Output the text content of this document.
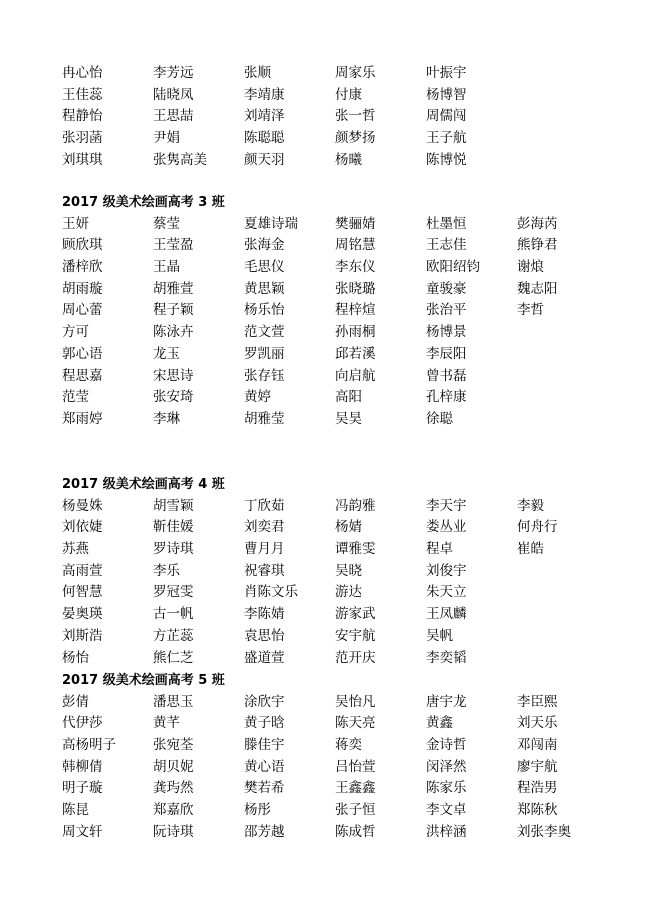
冉心怡	李芳远	张顺	周家乐	叶振宇
王佳蕊	陆晓凤	李靖康	付康	杨博智
程静怡	王思喆	刘靖泽	张一哲	周儒闯
张羽菡	尹娟	陈聪聪	颜梦扬	王子航
刘琪琪	张隽高美	颜天羽	杨曦	陈博悦
2017 级美术绘画高考 3 班
王妍	蔡莹	夏雄诗瑞	樊骊婧	杜墨恒	彭海芮
顾欣琪	王莹盈	张海金	周铭慧	王志佳	熊铮君
潘梓欣	王晶	毛思仪	李东仪	欧阳绍钧	谢烺
胡雨璇	胡雅萱	黄思颖	张晓璐	童骏豪	魏志阳
周心蕾	程子颖	杨乐怡	程梓煊	张治平	李哲
方可	陈泳卉	范文萱	孙雨桐	杨博景
郭心语	龙玉	罗凯丽	邱若溪	李辰阳
程思嘉	宋思诗	张存钰	向启航	曾书磊
范莹	张安琦	黄婷	高阳	孔梓康
郑雨婷	李琳	胡雅莹	吴昊	徐聪
2017 级美术绘画高考 4 班
杨曼姝	胡雪颖	丁欣茹	冯韵雅	李天宇	李毅
刘依婕	靳佳媛	刘奕君	杨婧	娄丛业	何舟行
苏燕	罗诗琪	曹月月	谭雅雯	程卓	崔皓
高雨萱	李乐	祝睿琪	吴晓	刘俊宇
何智慧	罗冠雯	肖陈文乐	游达	朱天立
晏奥瑛	古一帆	李陈婧	游家武	王凤麟
刘斯浩	方芷蕊	袁思怡	安宇航	吴帆
杨怡	熊仁芝	盛道萱	范开庆	李奕韬
2017 级美术绘画高考 5 班
彭倩	潘思玉	涂欣宇	吴怡凡	唐宇龙	李臣熙
代伊莎	黄芊	黄子晗	陈天亮	黄鑫	刘天乐
高杨明子	张宛荃	滕佳宇	蒋奕	金诗哲	邓闯南
韩柳倩	胡贝妮	黄心语	吕怡萱	闵泽然	廖宇航
明子璇	龚玙然	樊若希	王鑫鑫	陈家乐	程浩男
陈昆	郑嘉欣	杨彤	张子恒	李文卓	郑陈秋
周文轩	阮诗琪	邵芳越	陈成哲	洪梓涵	刘张李奥
